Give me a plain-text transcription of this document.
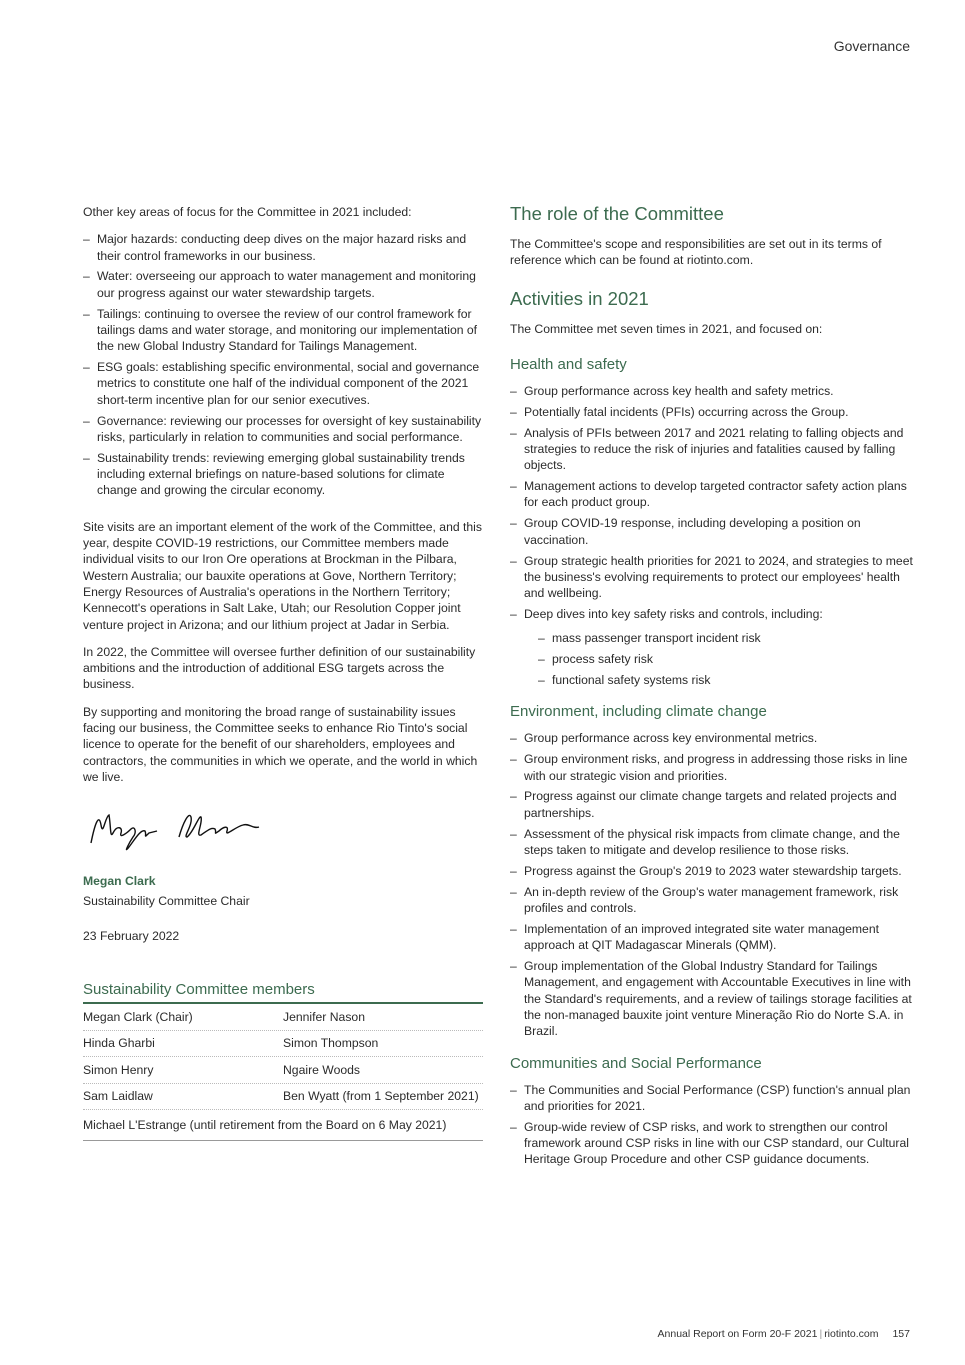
Governance

Other key areas of focus for the Committee in 2021 included:

– Major hazards: conducting deep dives on the major hazard risks and their control frameworks in our business.
– Water: overseeing our approach to water management and monitoring our progress against our water stewardship targets.
– Tailings: continuing to oversee the review of our control framework for tailings dams and water storage, and monitoring our implementation of the new Global Industry Standard for Tailings Management.
– ESG goals: establishing specific environmental, social and governance metrics to constitute one half of the individual component of the 2021 short-term incentive plan for our senior executives.
– Governance: reviewing our processes for oversight of key sustainability risks, particularly in relation to communities and social performance.
– Sustainability trends: reviewing emerging global sustainability trends including external briefings on nature-based solutions for climate change and growing the circular economy.

Site visits are an important element of the work of the Committee, and this year, despite COVID-19 restrictions, our Committee members made individual visits to our Iron Ore operations at Brockman in the Pilbara, Western Australia; our bauxite operations at Gove, Northern Territory; Energy Resources of Australia's operations in the Northern Territory; Kennecott's operations in Salt Lake, Utah; our Resolution Copper joint venture project in Arizona; and our lithium project at Jadar in Serbia.

In 2022, the Committee will oversee further definition of our sustainability ambitions and the introduction of additional ESG targets across the business.

By supporting and monitoring the broad range of sustainability issues facing our business, the Committee seeks to enhance Rio Tinto's social licence to operate for the benefit of our shareholders, employees and contractors, the communities in which we operate, and the world in which we live.

Megan Clark
Sustainability Committee Chair
23 February 2022
Sustainability Committee members
Megan Clark (Chair)	Jennifer Nason
Hinda Gharbi	Simon Thompson
Simon Henry	Ngaire Woods
Sam Laidlaw	Ben Wyatt (from 1 September 2021)
Michael L'Estrange (until retirement from the Board on 6 May 2021)
The role of the Committee

The Committee's scope and responsibilities are set out in its terms of reference which can be found at riotinto.com.

Activities in 2021

The Committee met seven times in 2021, and focused on:

Health and safety
– Group performance across key health and safety metrics.
– Potentially fatal incidents (PFIs) occurring across the Group.
– Analysis of PFIs between 2017 and 2021 relating to falling objects and strategies to reduce the risk of injuries and fatalities caused by falling objects.
– Management actions to develop targeted contractor safety action plans for each product group.
– Group COVID-19 response, including developing a position on vaccination.
– Group strategic health priorities for 2021 to 2024, and strategies to meet the business's evolving requirements to protect our employees' health and wellbeing.
– Deep dives into key safety risks and controls, including:
– mass passenger transport incident risk
– process safety risk
– functional safety systems risk
Environment, including climate change
– Group performance across key environmental metrics.
– Group environment risks, and progress in addressing those risks in line with our strategic vision and priorities.
– Progress against our climate change targets and related projects and partnerships.
– Assessment of the physical risk impacts from climate change, and the steps taken to mitigate and develop resilience to those risks.
– Progress against the Group's 2019 to 2023 water stewardship targets.
– An in-depth review of the Group's water management framework, risk profiles and controls.
– Implementation of an improved integrated site water management approach at QIT Madagascar Minerals (QMM).
– Group implementation of the Global Industry Standard for Tailings Management, and engagement with Accountable Executives in line with the Standard's requirements, and a review of tailings storage facilities at the non-managed bauxite joint venture Mineração Rio do Norte S.A. in Brazil.
Communities and Social Performance
– The Communities and Social Performance (CSP) function's annual plan and priorities for 2021.
– Group-wide review of CSP risks, and work to strengthen our control framework around CSP risks in line with our CSP standard, our Cultural Heritage Group Procedure and other CSP guidance documents.
Annual Report on Form 20-F 2021 | riotinto.com 157
